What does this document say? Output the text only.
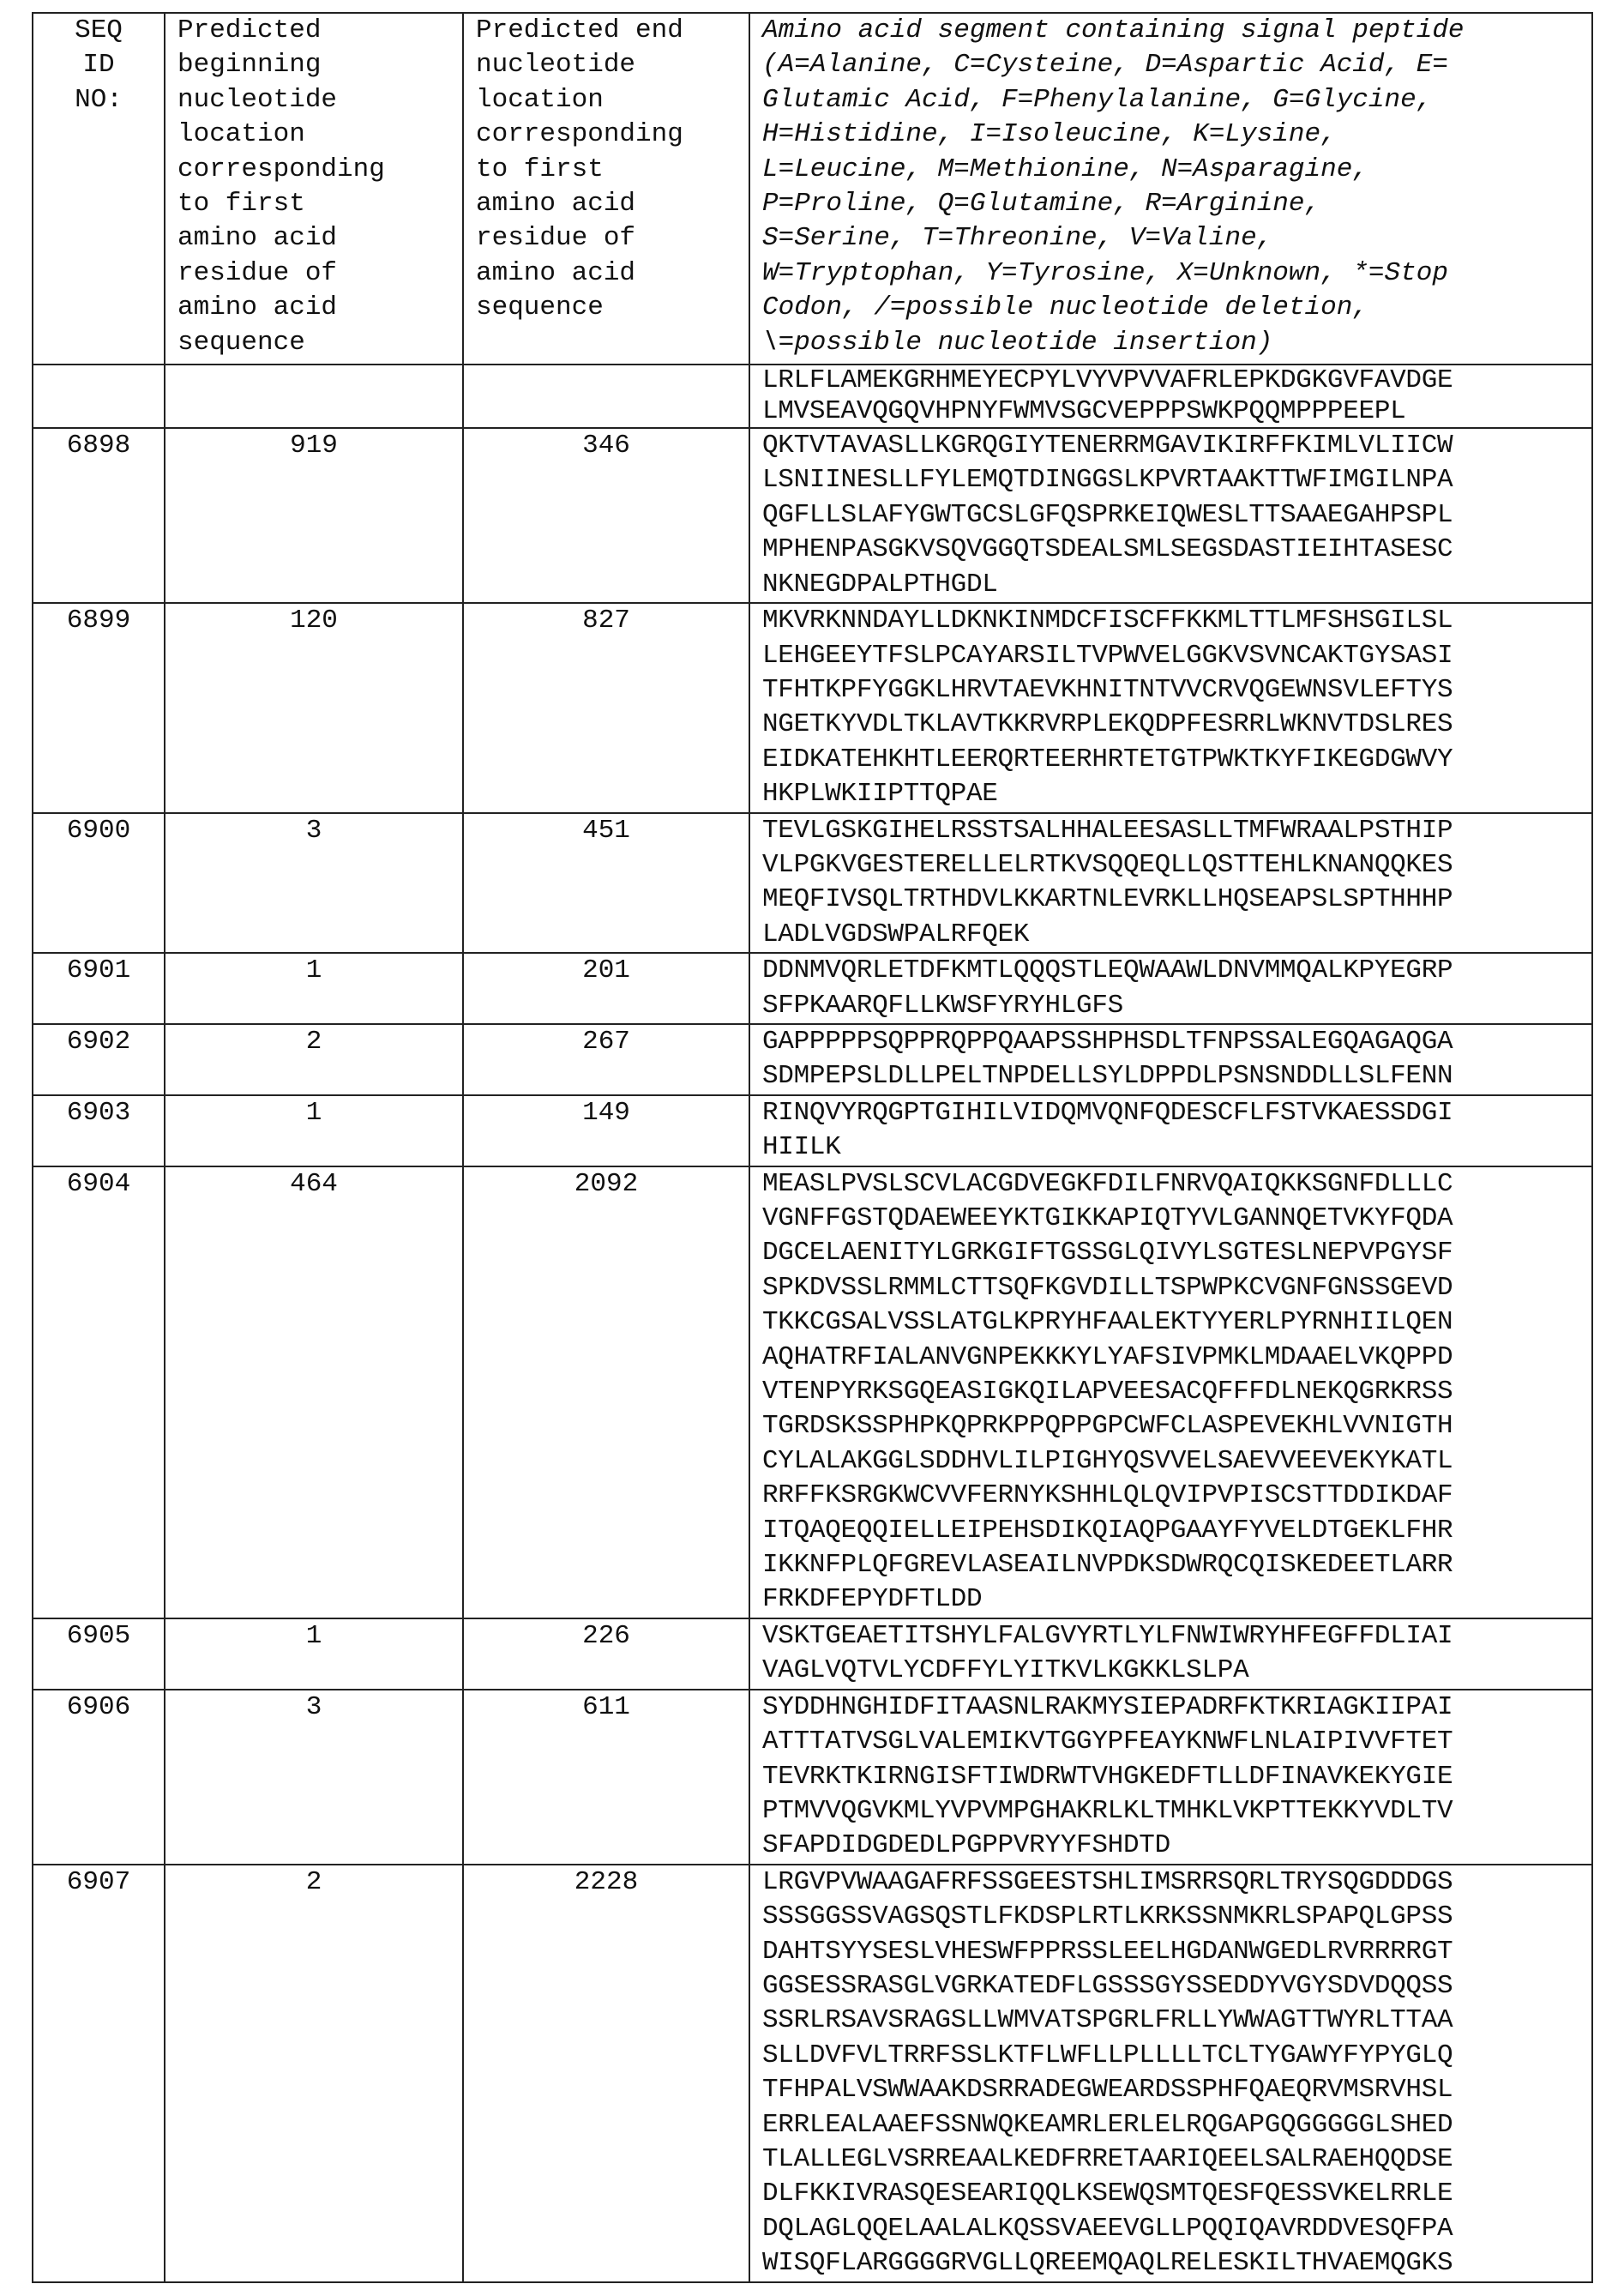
SEQ
ID
NO:	Predicted
beginning
nucleotide
location
corresponding
to first
amino acid
residue of
amino acid
sequence	Predicted end
nucleotide
location
corresponding
to first
amino acid
residue of
amino acid
sequence	Amino acid segment containing signal peptide
(A=Alanine, C=Cysteine, D=Aspartic Acid, E=
Glutamic Acid, F=Phenylalanine, G=Glycine,
H=Histidine, I=Isoleucine, K=Lysine,
L=Leucine, M=Methionine, N=Asparagine,
P=Proline, Q=Glutamine, R=Arginine,
S=Serine, T=Threonine, V=Valine,
W=Tryptophan, Y=Tyrosine, X=Unknown, *=Stop
Codon, /=possible nucleotide deletion,
\=possible nucleotide insertion)
			LRLFLAMEKGRHMEYECPYLVYVPVVAFRLEPKDGKGVFAVDGE
LMVSEAVQGQVHPNYFWMVSGCVEPPPSWKPQQMPPPEEPL
6898	919	346	QKTVTAVASLLKGRQGIYTENERRMGAVIKIRFFKIMLVLIICW
LSNIINESLLFYLEMQTDINGGSLKPVRTAAKTTWFIMGILNPA
QGFLLSLAFYGWTGCSLGFQSPRKEIQWESLTTSAAEGAHPSPL
MPHENPASGKVSQVGGQTSDEALSMLSEGSDASTIEIHTASESC
NKNEGDPALPTHGDL
6899	120	827	MKVRKNNDAYLLDKNKINMDCFISCFFKKMLTTLMFSHSGILSL
LEHGEEYTFSLPCAYARSILTVPWVELGGKVSVNCAKTGYSASI
TFHTKPFYGGKLHRVTAEVKHNITNTVVCRVQGEWNSVLEFTYS
NGETKYVDLTKLAVTKKRVRPLEKQDPFESRRLWKNVTDSLRES
EIDKATEHKHTLEERQRTEERHRTETGTPWKTKYFIKEGDGWVY
HKPLWKIIPTTQPAE
6900	3	451	TEVLGSKGIHELRSSTSALHHALEESASLLTMFWRAALPSTHIP
VLPGKVGESTERELLELRTKVSQQEQLLQSTTEHLKNANQQKES
MEQFIVSQLTRTHDVLKKARTNLEVRKLLHQSEAPSLSPTHHHP
LADLVGDSWPALRFQEK
6901	1	201	DDNMVQRLETDFKMTLQQQSTLEQWAAWLDNVMMQALKPYEGRP
SFPKAARQFLLKWSFYRYHLGFS
6902	2	267	GAPPPPPSQPPRQPPQAAPSSHPHSDLTFNPSSALEGQAGAQGA
SDMPEPSLDLLPELTNPDELLSYLDPPDLPSNSNDDLLSLFENN
6903	1	149	RINQVYRQGPTGIHILVIDQMVQNFQDESCFLFSTVKAESSDGI
HIILK
6904	464	2092	MEASLPVSLSCVLACGDVEGKFDILFNRVQAIQKKSGNFDLLLC
VGNFFGSTQDAEWEEYKTGIKKAPIQTYVLGANNQETVKYFQDA
DGCELAENITYLGRKGIFTGSSGLQIVYLSGTESLNEPVPGYSF
SPKDVSSLRMMLCTTSQFKGVDILLTSPWPKCVGNFGNSSGEVD
TKKCGSALVSSLATGLKPRYHFAALEKTYYERLPYRNHIILQEN
AQHATRFIALANVGNPEKKKYLYAFSIVPMKLMDAAELVKQPPD
VTENPYRKSGQEASIGKQILAPVEESACQFFFDLNEKQGRKRSS
TGRDSKSSPHPKQPRKPPQPPGPCWFCLASPEVEKHLVVNIGTH
CYLALAKGGLSDDHVLILPIGHYQSVVELSAEVVEEVEKYKATL
RRFFKSRGKWCVVFERNYKSHHLQLQVIPVPISCSTTDDIKDAF
ITQAQEQQIELLEIPEHSDIKQIAQPGAAYFYVELDTGEKLFHR
IKKNFPLQFGREVLASEAILNVPDKSDWRQCQISKEDEETLARR
FRKDFEPYDFTLDD
6905	1	226	VSKTGEAETITSHYLFALGVYRTLYLFNWIWRYHFEGFFDLIAI
VAGLVQTVLYCDFFYLYITKVLKGKKLSLPA
6906	3	611	SYDDHNGHIDFITAASNLRAKMYSIEPADRFKTKRIAGKIIPAI
ATTTATVSGLVALEMIKVTGGYPFEAYKNWFLNLAIPIVVFTET
TEVRKTKIRNGISFTIWDRWTVHGKEDFTLLDFINAVKEKYGIE
PTMVVQGVKMLYVPVMPGHAKRLKLTMHKLVKPTTEKKYVDLTV
SFAPDIDGDEDLPGPPVRYYFSHDTD
6907	2	2228	LRGVPVWAAGAFRFSSGEESTSHLIMSRRSQRLTRYSQGDDDGS
SSSGGSSVAGSQSTLFKDSPLRTLKRKSSNMKRLSPAPQLGPSS
DAHTSYYSESLVHESWFPPRSSLEELHGDANWGEDLRVRRRRGT
GGSESSRASGLVGRKATEDFLGSSSGYSSEDDYVGYSDVDQQSS
SSRLRSAVSRAGSLLWMVATSPGRLFRLLYWWAGTTWYRLTTAA
SLLDVFVLTRRFSSLKTFLWFLLPLLLLTCLTYGAWYFYPYGLQ
TFHPALVSWWAAKDSRRADEGWEARDSSPHFQAEQRVMSRVHSL
ERRLEALAAEFSSNWQKEAMRLERLELRQGAPGQGGGGGLSHED
TLALLEGLVSRREAALKEDFRRETAARIQEELSALRAEHQQDSE
DLFKKIVRASQESEARIQQLKSEWQSMTQESFQESSVKELRRLE
DQLAGLQQELAALALKQSSVAEEVGLLPQQIQAVRDDVESQFPA
WISQFLARGGGGRVGLLQREEMQAQLRELESKILTHVAEMQGKS
